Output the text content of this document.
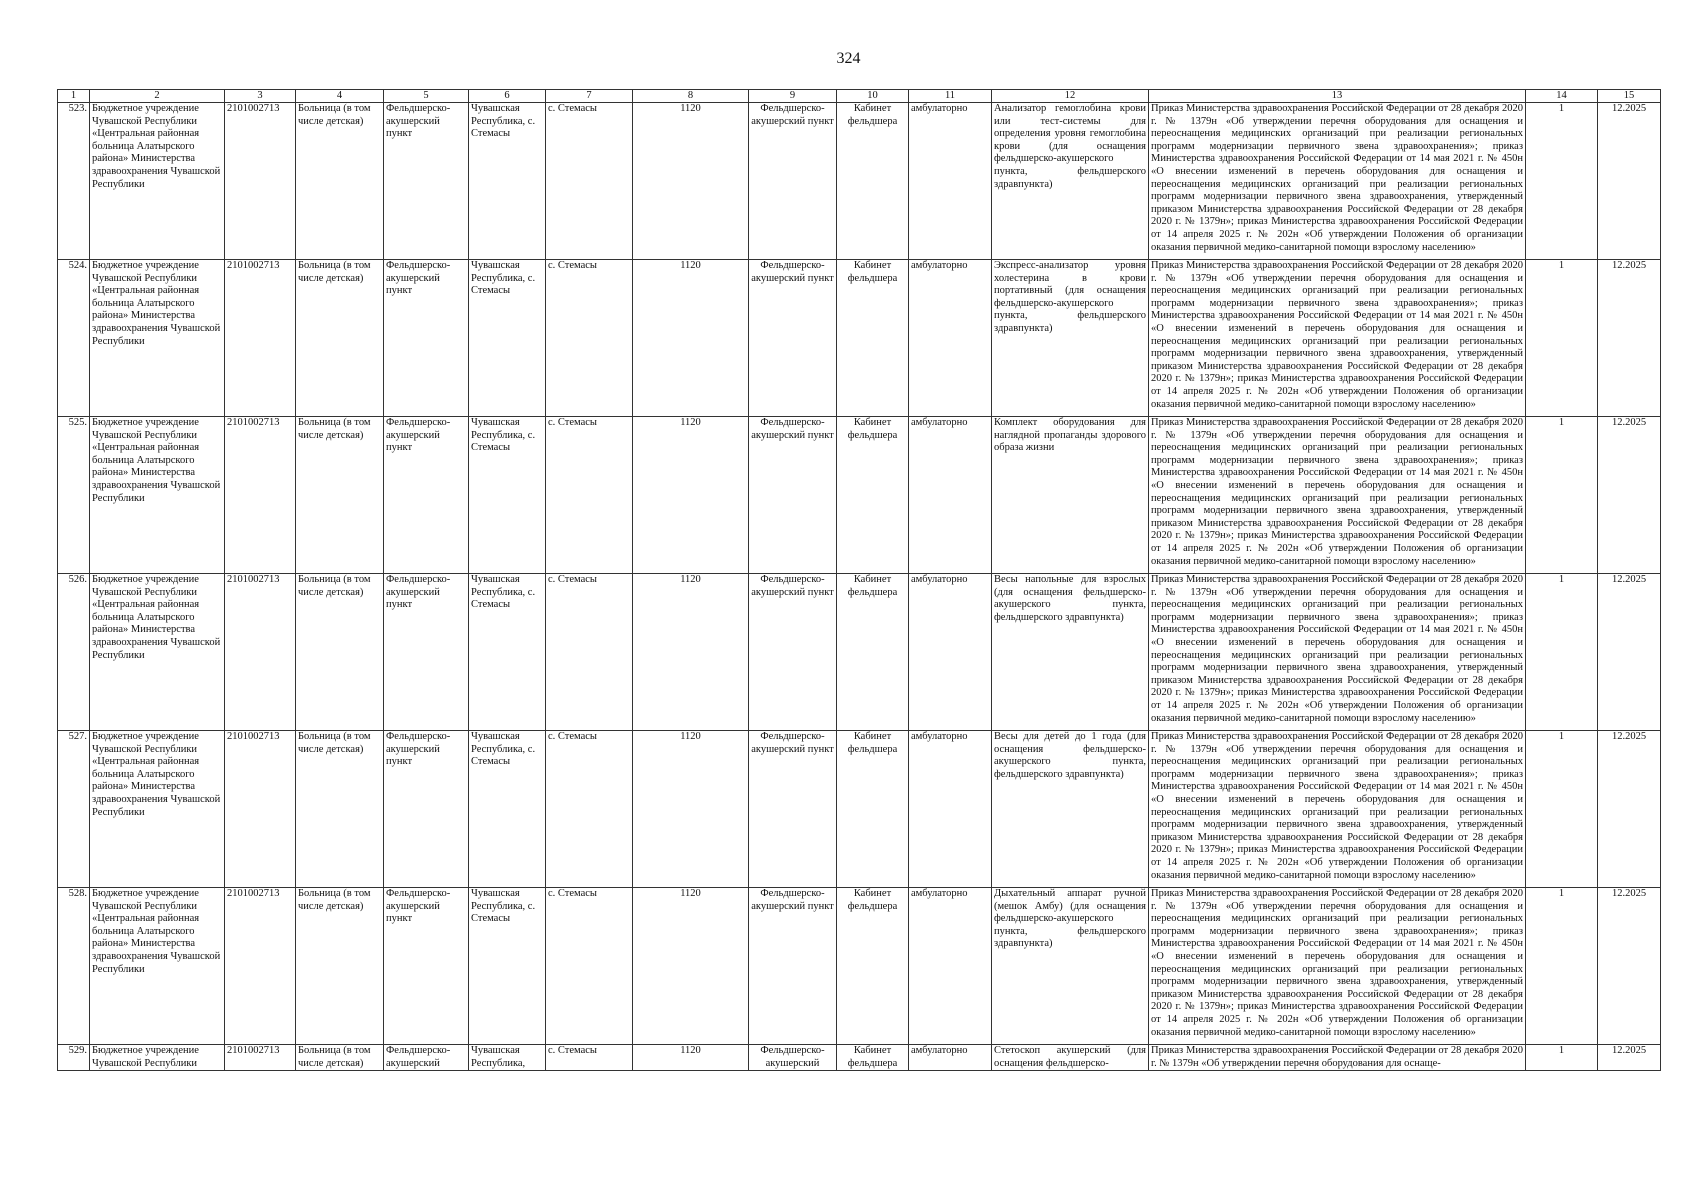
324
1	2	3	4	5	6	7	8	9	10	11	12	13	14	15
523.	Бюджетное учреждение Чувашской Республики «Центральная районная больница Алатырского района» Министерства здравоохранения Чувашской Республики	2101002713	Больница (в том числе детская)	Фельдшерско-акушерский пункт	Чувашская Республика, с. Стемасы	с. Стемасы	1120	Фельдшерско-акушерский пункт	Кабинет фельдшера	амбулаторно	Анализатор гемоглобина крови или тест-системы для определения уровня гемоглобина крови (для оснащения фельдшерско-акушерского пункта, фельдшерского здравпункта)	Приказ Министерства здравоохранения Российской Федерации от 28 декабря 2020 г. № 1379н «Об утверждении перечня оборудования для оснащения и переоснащения медицинских организаций при реализации региональных программ модернизации первичного звена здравоохранения»; приказ Министерства здравоохранения Российской Федерации от 14 мая 2021 г. № 450н «О внесении изменений в перечень оборудования для оснащения и переоснащения медицинских организаций при реализации региональных программ модернизации первичного звена здравоохранения, утвержденный приказом Министерства здравоохранения Российской Федерации от 28 декабря 2020 г. № 1379н»; приказ Министерства здравоохранения Российской Федерации от 14 апреля 2025 г. № 202н «Об утверждении Положения об организации оказания первичной медико-санитарной помощи взрослому населению»	1	12.2025
524.	Бюджетное учреждение Чувашской Республики «Центральная районная больница Алатырского района» Министерства здравоохранения Чувашской Республики	2101002713	Больница (в том числе детская)	Фельдшерско-акушерский пункт	Чувашская Республика, с. Стемасы	с. Стемасы	1120	Фельдшерско-акушерский пункт	Кабинет фельдшера	амбулаторно	Экспресс-анализатор уровня холестерина в крови портативный (для оснащения фельдшерско-акушерского пункта, фельдшерского здравпункта)	Приказ Министерства здравоохранения Российской Федерации от 28 декабря 2020 г. № 1379н «Об утверждении перечня оборудования для оснащения и переоснащения медицинских организаций при реализации региональных программ модернизации первичного звена здравоохранения»; приказ Министерства здравоохранения Российской Федерации от 14 мая 2021 г. № 450н «О внесении изменений в перечень оборудования для оснащения и переоснащения медицинских организаций при реализации региональных программ модернизации первичного звена здравоохранения, утвержденный приказом Министерства здравоохранения Российской Федерации от 28 декабря 2020 г. № 1379н»; приказ Министерства здравоохранения Российской Федерации от 14 апреля 2025 г. № 202н «Об утверждении Положения об организации оказания первичной медико-санитарной помощи взрослому населению»	1	12.2025
525.	Бюджетное учреждение Чувашской Республики «Центральная районная больница Алатырского района» Министерства здравоохранения Чувашской Республики	2101002713	Больница (в том числе детская)	Фельдшерско-акушерский пункт	Чувашская Республика, с. Стемасы	с. Стемасы	1120	Фельдшерско-акушерский пункт	Кабинет фельдшера	амбулаторно	Комплект оборудования для наглядной пропаганды здорового образа жизни	Приказ Министерства здравоохранения Российской Федерации от 28 декабря 2020 г. № 1379н «Об утверждении перечня оборудования для оснащения и переоснащения медицинских организаций при реализации региональных программ модернизации первичного звена здравоохранения»; приказ Министерства здравоохранения Российской Федерации от 14 мая 2021 г. № 450н «О внесении изменений в перечень оборудования для оснащения и переоснащения медицинских организаций при реализации региональных программ модернизации первичного звена здравоохранения, утвержденный приказом Министерства здравоохранения Российской Федерации от 28 декабря 2020 г. № 1379н»; приказ Министерства здравоохранения Российской Федерации от 14 апреля 2025 г. № 202н «Об утверждении Положения об организации оказания первичной медико-санитарной помощи взрослому населению»	1	12.2025
526.	Бюджетное учреждение Чувашской Республики «Центральная районная больница Алатырского района» Министерства здравоохранения Чувашской Республики	2101002713	Больница (в том числе детская)	Фельдшерско-акушерский пункт	Чувашская Республика, с. Стемасы	с. Стемасы	1120	Фельдшерско-акушерский пункт	Кабинет фельдшера	амбулаторно	Весы напольные для взрослых (для оснащения фельдшерско-акушерского пункта, фельдшерского здравпункта)	Приказ Министерства здравоохранения Российской Федерации от 28 декабря 2020 г. № 1379н «Об утверждении перечня оборудования для оснащения и переоснащения медицинских организаций при реализации региональных программ модернизации первичного звена здравоохранения»; приказ Министерства здравоохранения Российской Федерации от 14 мая 2021 г. № 450н «О внесении изменений в перечень оборудования для оснащения и переоснащения медицинских организаций при реализации региональных программ модернизации первичного звена здравоохранения, утвержденный приказом Министерства здравоохранения Российской Федерации от 28 декабря 2020 г. № 1379н»; приказ Министерства здравоохранения Российской Федерации от 14 апреля 2025 г. № 202н «Об утверждении Положения об организации оказания первичной медико-санитарной помощи взрослому населению»	1	12.2025
527.	Бюджетное учреждение Чувашской Республики «Центральная районная больница Алатырского района» Министерства здравоохранения Чувашской Республики	2101002713	Больница (в том числе детская)	Фельдшерско-акушерский пункт	Чувашская Республика, с. Стемасы	с. Стемасы	1120	Фельдшерско-акушерский пункт	Кабинет фельдшера	амбулаторно	Весы для детей до 1 года (для оснащения фельдшерско-акушерского пункта, фельдшерского здравпункта)	Приказ Министерства здравоохранения Российской Федерации от 28 декабря 2020 г. № 1379н «Об утверждении перечня оборудования для оснащения и переоснащения медицинских организаций при реализации региональных программ модернизации первичного звена здравоохранения»; приказ Министерства здравоохранения Российской Федерации от 14 мая 2021 г. № 450н «О внесении изменений в перечень оборудования для оснащения и переоснащения медицинских организаций при реализации региональных программ модернизации первичного звена здравоохранения, утвержденный приказом Министерства здравоохранения Российской Федерации от 28 декабря 2020 г. № 1379н»; приказ Министерства здравоохранения Российской Федерации от 14 апреля 2025 г. № 202н «Об утверждении Положения об организации оказания первичной медико-санитарной помощи взрослому населению»	1	12.2025
528.	Бюджетное учреждение Чувашской Республики «Центральная районная больница Алатырского района» Министерства здравоохранения Чувашской Республики	2101002713	Больница (в том числе детская)	Фельдшерско-акушерский пункт	Чувашская Республика, с. Стемасы	с. Стемасы	1120	Фельдшерско-акушерский пункт	Кабинет фельдшера	амбулаторно	Дыхательный аппарат ручной (мешок Амбу) (для оснащения фельдшерско-акушерского пункта, фельдшерского здравпункта)	Приказ Министерства здравоохранения Российской Федерации от 28 декабря 2020 г. № 1379н «Об утверждении перечня оборудования для оснащения и переоснащения медицинских организаций при реализации региональных программ модернизации первичного звена здравоохранения»; приказ Министерства здравоохранения Российской Федерации от 14 мая 2021 г. № 450н «О внесении изменений в перечень оборудования для оснащения и переоснащения медицинских организаций при реализации региональных программ модернизации первичного звена здравоохранения, утвержденный приказом Министерства здравоохранения Российской Федерации от 28 декабря 2020 г. № 1379н»; приказ Министерства здравоохранения Российской Федерации от 14 апреля 2025 г. № 202н «Об утверждении Положения об организации оказания первичной медико-санитарной помощи взрослому населению»	1	12.2025
529.	Бюджетное учреждение Чувашской Республики	2101002713	Больница (в том числе детская)	Фельдшерско-акушерский	Чувашская Республика,	с. Стемасы	1120	Фельдшерско-акушерский	Кабинет фельдшера	амбулаторно	Стетоскоп акушерский (для оснащения фельдшерско-	Приказ Министерства здравоохранения Российской Федерации от 28 декабря 2020 г. № 1379н «Об утверждении перечня оборудования для оснаще-	1	12.2025
